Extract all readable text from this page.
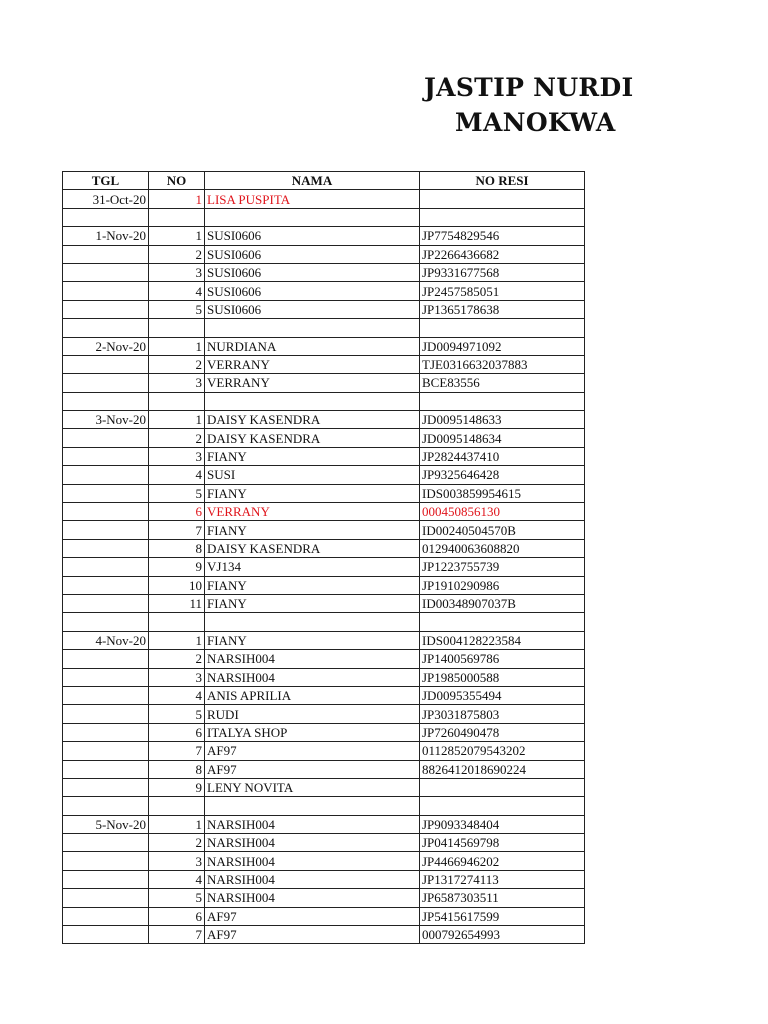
JASTIP NURDI
MANOKWA
TGL	NO	NAMA	NO RESI
31-Oct-20	1	LISA PUSPITA	

1-Nov-20	1	SUSI0606	JP7754829546
	2	SUSI0606	JP2266436682
	3	SUSI0606	JP9331677568
	4	SUSI0606	JP2457585051
	5	SUSI0606	JP1365178638

2-Nov-20	1	NURDIANA	JD0094971092
	2	VERRANY	TJE0316632037883
	3	VERRANY	BCE83556

3-Nov-20	1	DAISY KASENDRA	JD0095148633
	2	DAISY KASENDRA	JD0095148634
	3	FIANY	JP2824437410
	4	SUSI	JP9325646428
	5	FIANY	IDS003859954615
	6	VERRANY	000450856130
	7	FIANY	ID00240504570B
	8	DAISY KASENDRA	012940063608820
	9	VJ134	JP1223755739
	10	FIANY	JP1910290986
	11	FIANY	ID00348907037B

4-Nov-20	1	FIANY	IDS004128223584
	2	NARSIH004	JP1400569786
	3	NARSIH004	JP1985000588
	4	ANIS APRILIA	JD0095355494
	5	RUDI	JP3031875803
	6	ITALYA SHOP	JP7260490478
	7	AF97	0112852079543202
	8	AF97	8826412018690224
	9	LENY NOVITA	

5-Nov-20	1	NARSIH004	JP9093348404
	2	NARSIH004	JP0414569798
	3	NARSIH004	JP4466946202
	4	NARSIH004	JP1317274113
	5	NARSIH004	JP6587303511
	6	AF97	JP5415617599
	7	AF97	000792654993
